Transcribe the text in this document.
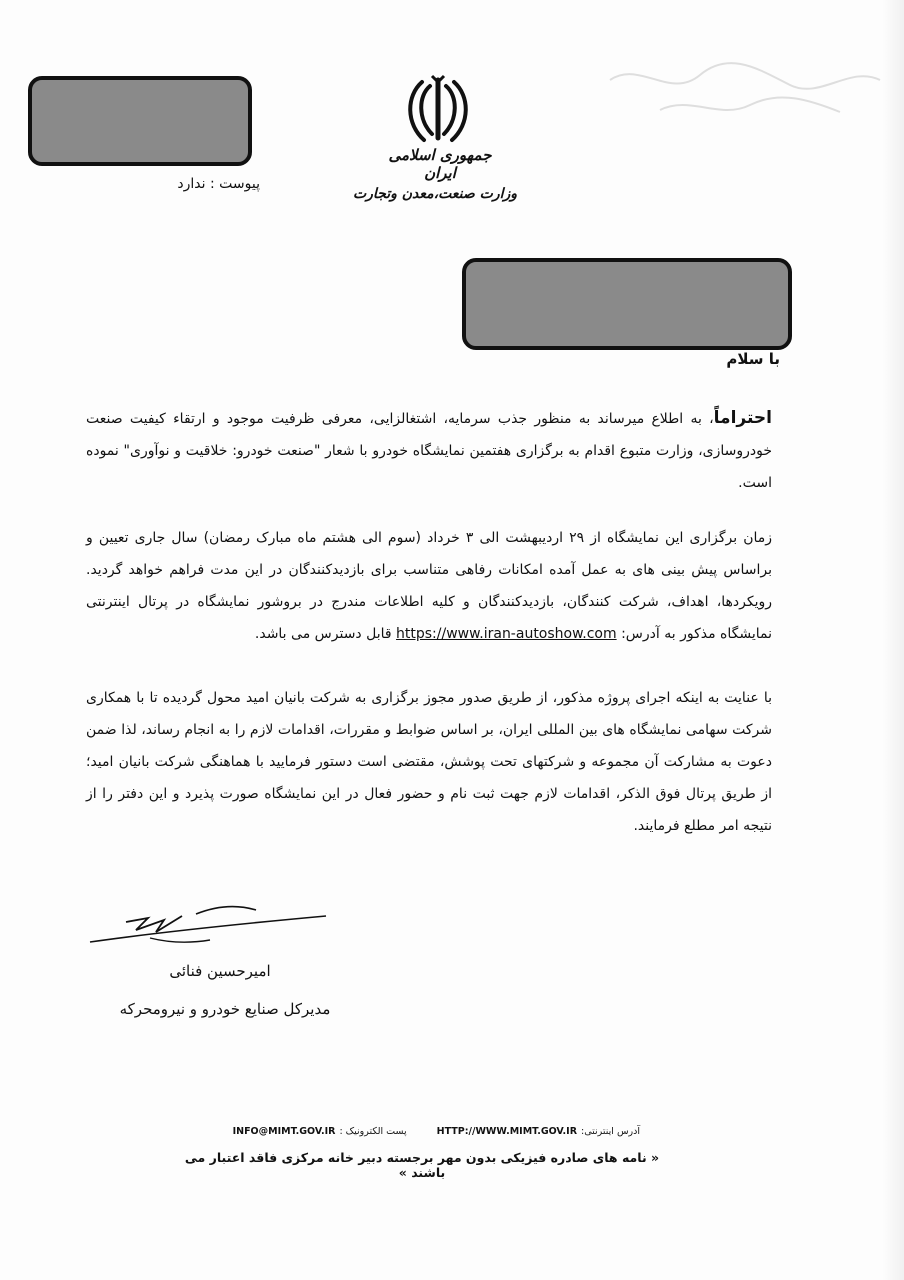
پیوست : ندارد
جمهوری اسلامی ایران
وزارت صنعت،معدن وتجارت
با سلام
احتراماً، به اطلاع میرساند به منظور جذب سرمایه، اشتغالزایی، معرفی ظرفیت موجود و ارتقاء کیفیت صنعت خودروسازی، وزارت متبوع اقدام به برگزاری هفتمین نمایشگاه خودرو با شعار "صنعت خودرو: خلاقیت و نوآوری" نموده است.
زمان برگزاری این نمایشگاه از ۲۹ اردیبهشت الی ۳ خرداد (سوم الی هشتم ماه مبارک رمضان) سال جاری تعیین و براساس پیش بینی های به عمل آمده امکانات رفاهی متناسب برای بازدیدکنندگان در این مدت فراهم خواهد گردید. رویکردها، اهداف، شرکت کنندگان، بازدیدکنندگان و کلیه اطلاعات مندرج در بروشور نمایشگاه در پرتال اینترنتی نمایشگاه مذکور به آدرس: https://www.iran-autoshow.com قابل دسترس می باشد.
با عنایت به اینکه اجرای پروژه مذکور، از طریق صدور مجوز برگزاری به شرکت بانیان امید محول گردیده تا با همکاری شرکت سهامی نمایشگاه های بین المللی ایران، بر اساس ضوابط و مقررات، اقدامات لازم را به انجام رساند، لذا ضمن دعوت به مشارکت آن مجموعه و شرکتهای تحت پوشش، مقتضی است دستور فرمایید با هماهنگی شرکت بانیان امید؛ از طریق پرتال فوق الذکر، اقدامات لازم جهت ثبت نام و حضور فعال در این نمایشگاه صورت پذیرد و این دفتر را از نتیجه امر مطلع فرمایند.
امیرحسین فنائی
مدیرکل صنایع خودرو و نیرومحرکه
آدرس اینترنتی:HTTP://WWW.MIMT.GOV.IRپست الکترونیک :INFO@MIMT.GOV.IR
« نامه های صادره فیزیکی بدون مهر برجسته دبیر خانه مرکزی فاقد اعتبار می باشند »
